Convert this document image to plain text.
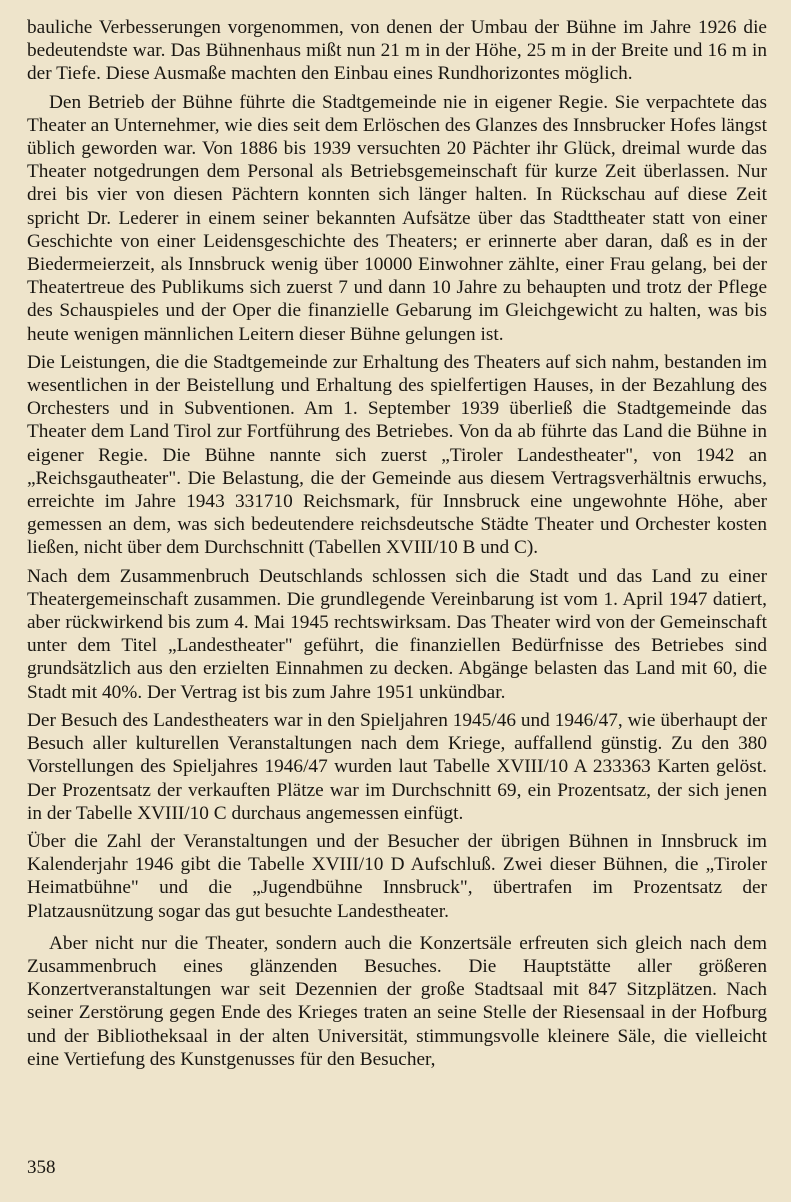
bauliche Verbesserungen vorgenommen, von denen der Umbau der Bühne im Jahre 1926 die bedeutendste war. Das Bühnenhaus mißt nun 21 m in der Höhe, 25 m in der Breite und 16 m in der Tiefe. Diese Ausmaße machten den Einbau eines Rundhorizontes möglich.

Den Betrieb der Bühne führte die Stadtgemeinde nie in eigener Regie. Sie verpachtete das Theater an Unternehmer, wie dies seit dem Erlöschen des Glanzes des Innsbrucker Hofes längst üblich geworden war. Von 1886 bis 1939 versuchten 20 Pächter ihr Glück, dreimal wurde das Theater notgedrungen dem Personal als Betriebsgemeinschaft für kurze Zeit überlassen. Nur drei bis vier von diesen Pächtern konnten sich länger halten. In Rückschau auf diese Zeit spricht Dr. Lederer in einem seiner bekannten Aufsätze über das Stadttheater statt von einer Geschichte von einer Leidensgeschichte des Theaters; er erinnerte aber daran, daß es in der Biedermeierzeit, als Innsbruck wenig über 10000 Einwohner zählte, einer Frau gelang, bei der Theatertreue des Publikums sich zuerst 7 und dann 10 Jahre zu behaupten und trotz der Pflege des Schauspieles und der Oper die finanzielle Gebarung im Gleichgewicht zu halten, was bis heute wenigen männlichen Leitern dieser Bühne gelungen ist.

Die Leistungen, die die Stadtgemeinde zur Erhaltung des Theaters auf sich nahm, bestanden im wesentlichen in der Beistellung und Erhaltung des spielfertigen Hauses, in der Bezahlung des Orchesters und in Subventionen. Am 1. September 1939 überließ die Stadtgemeinde das Theater dem Land Tirol zur Fortführung des Betriebes. Von da ab führte das Land die Bühne in eigener Regie. Die Bühne nannte sich zuerst „Tiroler Landestheater", von 1942 an „Reichsgautheater". Die Belastung, die der Gemeinde aus diesem Vertragsverhältnis erwuchs, erreichte im Jahre 1943 331710 Reichsmark, für Innsbruck eine ungewohnte Höhe, aber gemessen an dem, was sich bedeutendere reichsdeutsche Städte Theater und Orchester kosten ließen, nicht über dem Durchschnitt (Tabellen XVIII/10 B und C).

Nach dem Zusammenbruch Deutschlands schlossen sich die Stadt und das Land zu einer Theatergemeinschaft zusammen. Die grundlegende Vereinbarung ist vom 1. April 1947 datiert, aber rückwirkend bis zum 4. Mai 1945 rechtswirksam. Das Theater wird von der Gemeinschaft unter dem Titel „Landestheater" geführt, die finanziellen Bedürfnisse des Betriebes sind grundsätzlich aus den erzielten Einnahmen zu decken. Abgänge belasten das Land mit 60, die Stadt mit 40%. Der Vertrag ist bis zum Jahre 1951 unkündbar.

Der Besuch des Landestheaters war in den Spieljahren 1945/46 und 1946/47, wie überhaupt der Besuch aller kulturellen Veranstaltungen nach dem Kriege, auffallend günstig. Zu den 380 Vorstellungen des Spieljahres 1946/47 wurden laut Tabelle XVIII/10 A 233363 Karten gelöst. Der Prozentsatz der verkauften Plätze war im Durchschnitt 69, ein Prozentsatz, der sich jenen in der Tabelle XVIII/10 C durchaus angemessen einfügt.

Über die Zahl der Veranstaltungen und der Besucher der übrigen Bühnen in Innsbruck im Kalenderjahr 1946 gibt die Tabelle XVIII/10 D Aufschluß. Zwei dieser Bühnen, die „Tiroler Heimatbühne" und die „Jugendbühne Innsbruck", übertrafen im Prozentsatz der Platzausnützung sogar das gut besuchte Landestheater.

Aber nicht nur die Theater, sondern auch die Konzertsäle erfreuten sich gleich nach dem Zusammenbruch eines glänzenden Besuches. Die Hauptstätte aller größeren Konzertveranstaltungen war seit Dezennien der große Stadtsaal mit 847 Sitzplätzen. Nach seiner Zerstörung gegen Ende des Krieges traten an seine Stelle der Riesensaal in der Hofburg und der Bibliotheksaal in der alten Universität, stimmungsvolle kleinere Säle, die vielleicht eine Vertiefung des Kunstgenusses für den Besucher,

358
